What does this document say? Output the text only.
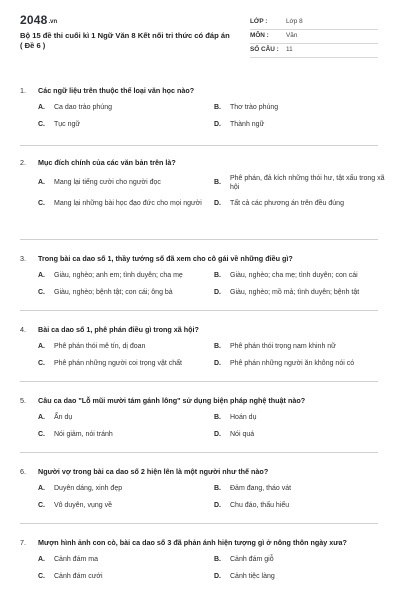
2048 .vn
Bộ 15 đề thi cuối kì 1 Ngữ Văn 8 Kết nối tri thức có đáp án ( Đề 6 )
LỚP :	Lớp 8
MÔN :	Văn
SỐ CÂU :	11
1.	Các ngữ liệu trên thuộc thể loại văn học nào?
A.	Ca dao trào phúng	B.	Thơ trào phúng
C.	Tục ngữ	D.	Thành ngữ
2.	Mục đích chính của các văn bản trên là?
A.	Mang lại tiếng cười cho người đọc	B.
Phê phán, đả kích những thói hư, tật xấu trong xã hội
C.	Mang lại những bài học đạo đức cho mọi người	D.	Tất cả các phương án trên đều đúng
3.	Trong bài ca dao số 1, thầy tướng số đã xem cho cô gái về những điều gì?
A.	Giàu, nghèo; anh em; tình duyên; cha mẹ	B.	Giàu, nghèo; cha mẹ; tình duyên; con cái
C.	Giàu, nghèo; bệnh tật; con cái; ông bà	D.	Giàu, nghèo; mồ mả; tình duyên; bệnh tật
4.	Bài ca dao số 1, phê phán điều gì trong xã hội?
A.	Phê phán thói mê tín, dị đoan	B.	Phê phán thói trọng nam khinh nữ
C.	Phê phán những người coi trọng vật chất	D.	Phê phán những người ăn không nói có
5.	Câu ca dao "Lỗ mũi mười tám gánh lông" sử dụng biện pháp nghệ thuật nào?
A.	Ẩn dụ	B.	Hoán dụ
C.	Nói giảm, nói tránh	D.	Nói quá
6.	Người vợ trong bài ca dao số 2 hiện lên là một người như thế nào?
A.	Duyên dáng, xinh đẹp	B.	Đảm đang, tháo vát
C.	Vô duyên, vụng về	D.	Chu đáo, thấu hiểu
7.	Mượn hình ảnh con cò, bài ca dao số 3 đã phản ánh hiện tượng gì ở nông thôn ngày xưa?
A.	Cảnh đám ma	B.	Cảnh đám giỗ
C.	Cảnh đám cưới	D.	Cảnh tiệc làng
